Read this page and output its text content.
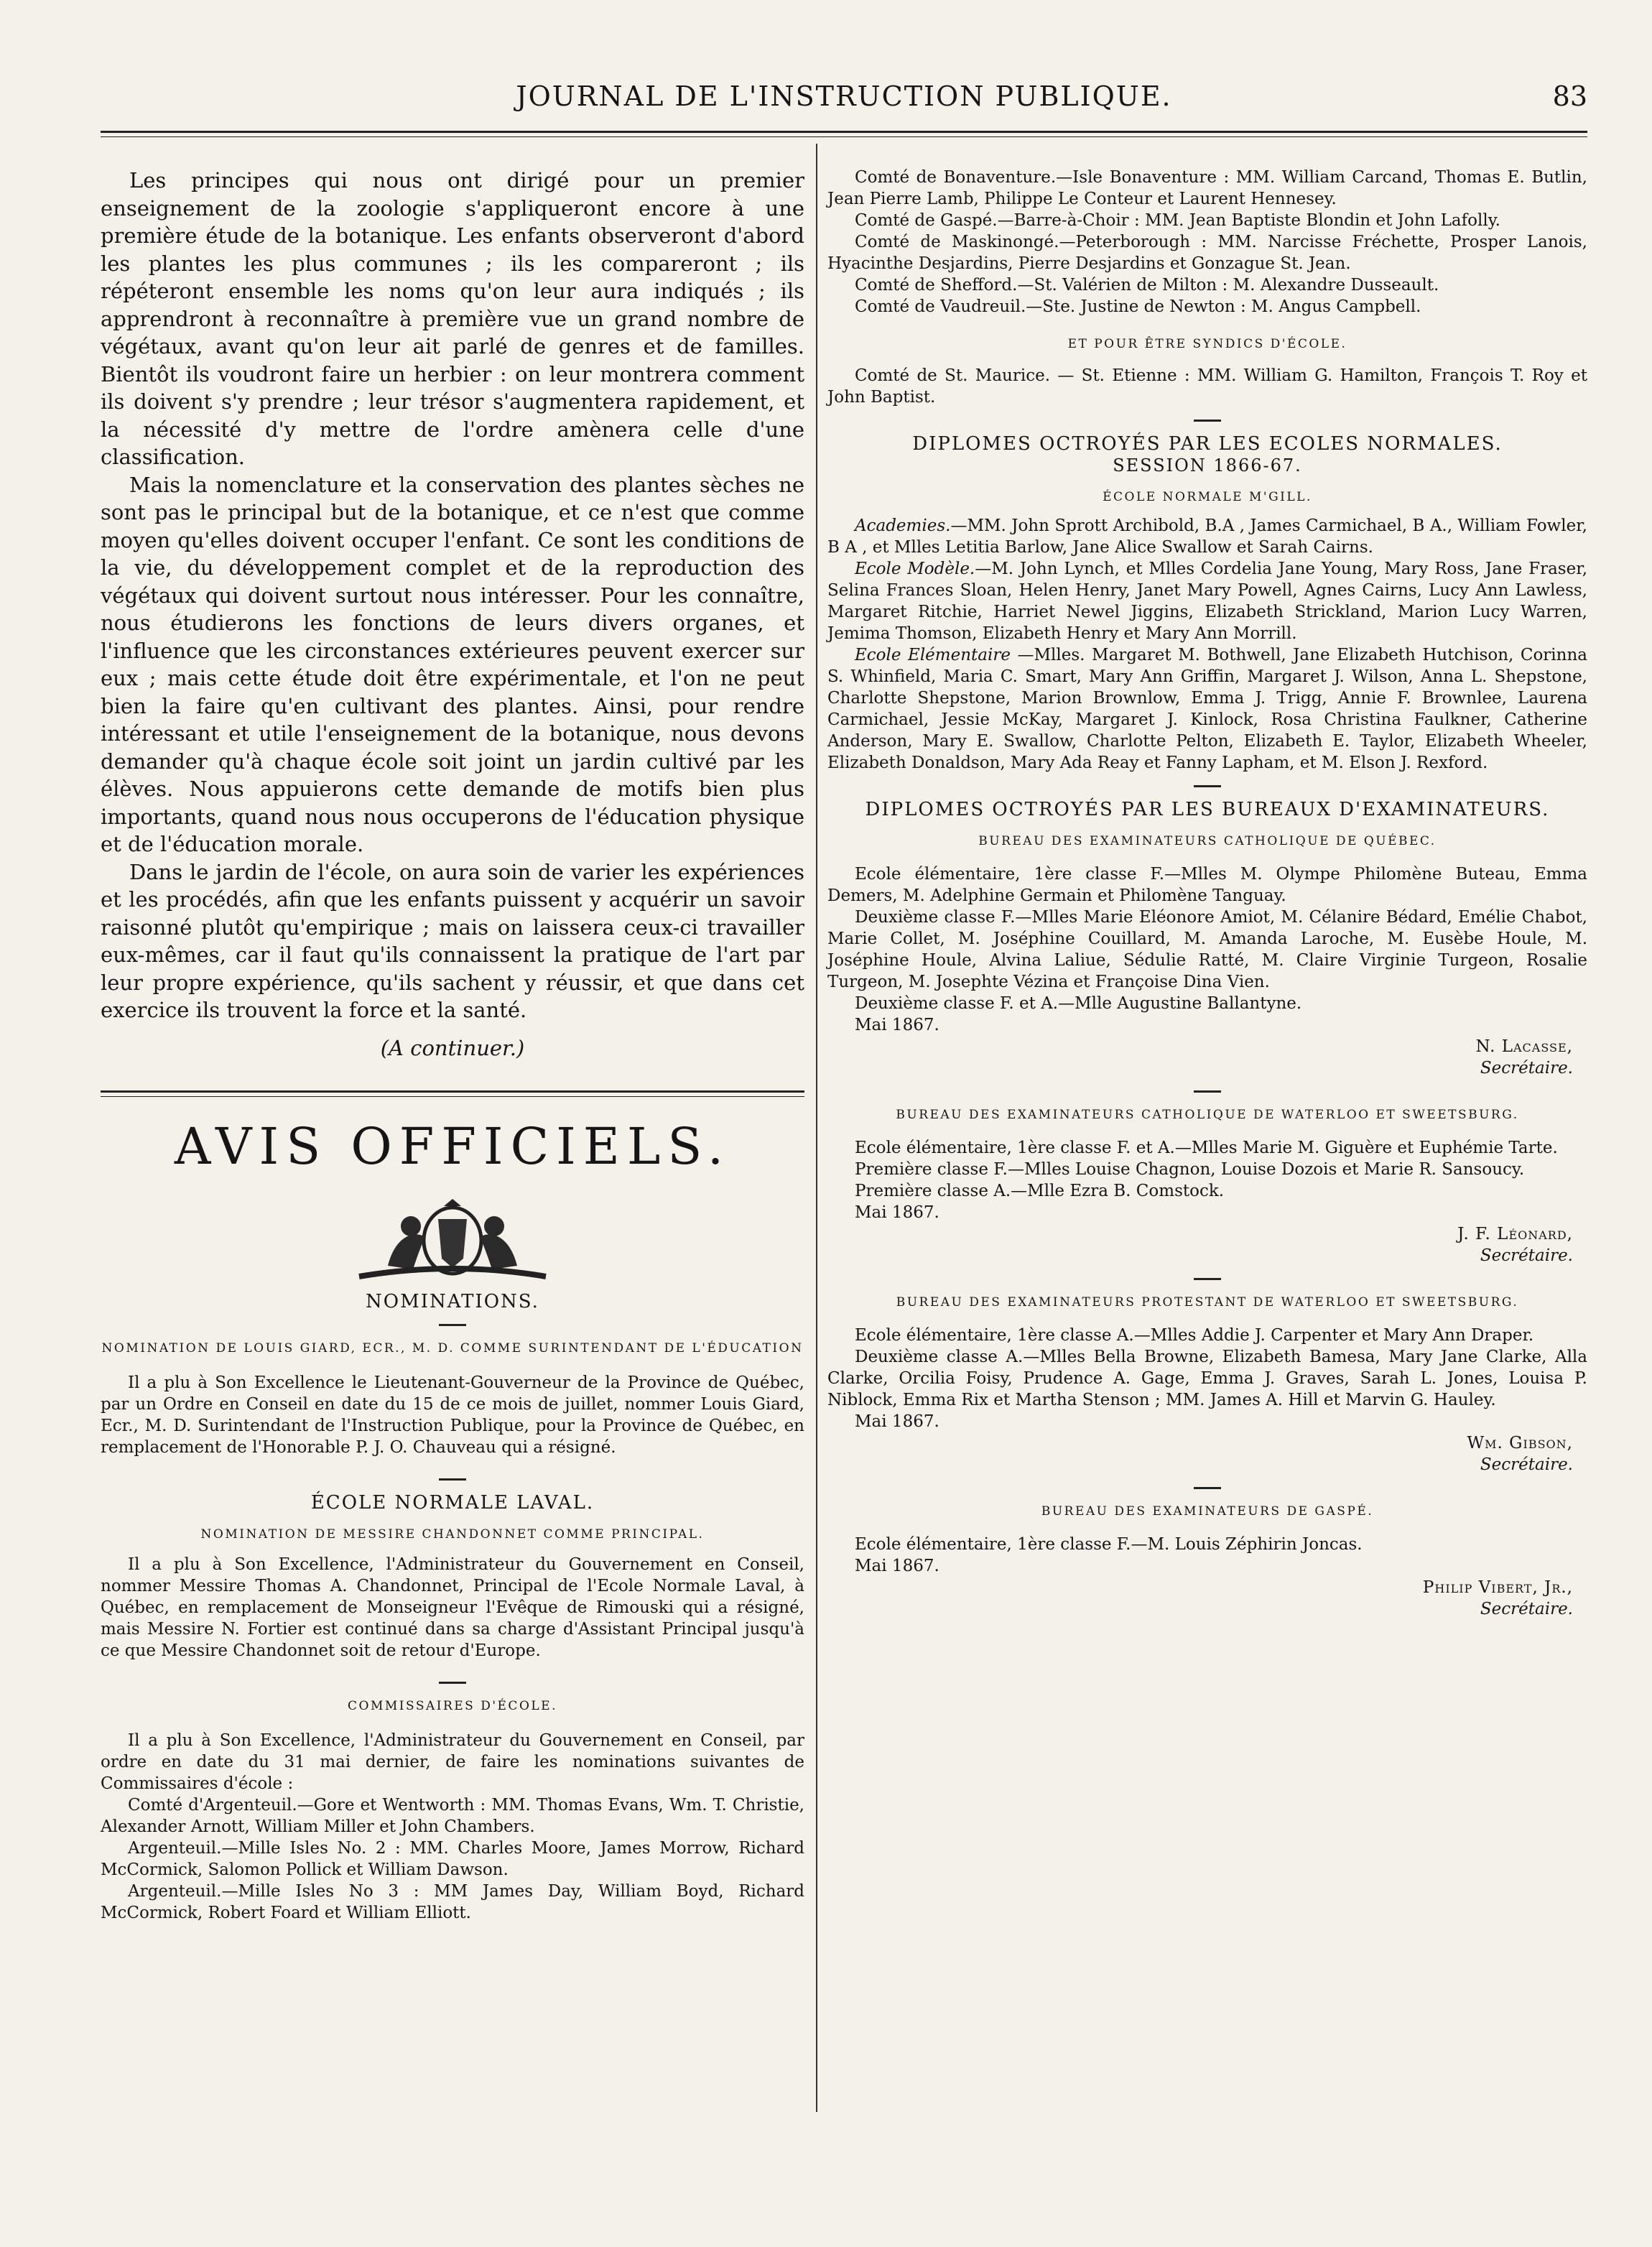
JOURNAL DE L'INSTRUCTION PUBLIQUE.	83

Les principes qui nous ont dirigé pour un premier enseignement de la zoologie s'appliqueront encore à une première étude de la botanique. Les enfants observeront d'abord les plantes les plus communes ; ils les compareront ; ils répéteront ensemble les noms qu'on leur aura indiqués ; ils apprendront à reconnaître à première vue un grand nombre de végétaux, avant qu'on leur ait parlé de genres et de familles. Bientôt ils voudront faire un herbier : on leur montrera comment ils doivent s'y prendre ; leur trésor s'augmentera rapidement, et la nécessité d'y mettre de l'ordre amènera celle d'une classification.

Mais la nomenclature et la conservation des plantes sèches ne sont pas le principal but de la botanique, et ce n'est que comme moyen qu'elles doivent occuper l'enfant. Ce sont les conditions de la vie, du développement complet et de la reproduction des végétaux qui doivent surtout nous intéresser. Pour les connaître, nous étudierons les fonctions de leurs divers organes, et l'influence que les circonstances extérieures peuvent exercer sur eux ; mais cette étude doit être expérimentale, et l'on ne peut bien la faire qu'en cultivant des plantes. Ainsi, pour rendre intéressant et utile l'enseignement de la botanique, nous devons demander qu'à chaque école soit joint un jardin cultivé par les élèves. Nous appuierons cette demande de motifs bien plus importants, quand nous nous occuperons de l'éducation physique et de l'éducation morale.

Dans le jardin de l'école, on aura soin de varier les expériences et les procédés, afin que les enfants puissent y acquérir un savoir raisonné plutôt qu'empirique ; mais on laissera ceux-ci travailler eux-mêmes, car il faut qu'ils connaissent la pratique de l'art par leur propre expérience, qu'ils sachent y réussir, et que dans cet exercice ils trouvent la force et la santé.

(A continuer.)

AVIS OFFICIELS.
NOMINATIONS.
NOMINATION DE LOUIS GIARD, ECR., M. D. COMME SURINTENDANT DE L'ÉDUCATION

Il a plu à Son Excellence le Lieutenant-Gouverneur de la Province de Québec, par un Ordre en Conseil en date du 15 de ce mois de juillet, nommer Louis Giard, Ecr., M. D. Surintendant de l'Instruction Publique, pour la Province de Québec, en remplacement de l'Honorable P. J. O. Chauveau qui a résigné.

ÉCOLE NORMALE LAVAL.
NOMINATION DE MESSIRE CHANDONNET COMME PRINCIPAL.

Il a plu à Son Excellence, l'Administrateur du Gouvernement en Conseil, nommer Messire Thomas A. Chandonnet, Principal de l'Ecole Normale Laval, à Québec, en remplacement de Monseigneur l'Evêque de Rimouski qui a résigné, mais Messire N. Fortier est continué dans sa charge d'Assistant Principal jusqu'à ce que Messire Chandonnet soit de retour d'Europe.

COMMISSAIRES D'ÉCOLE.

Il a plu à Son Excellence, l'Administrateur du Gouvernement en Conseil, par ordre en date du 31 mai dernier, de faire les nominations suivantes de Commissaires d'école :

Comté d'Argenteuil.—Gore et Wentworth : MM. Thomas Evans, Wm. T. Christie, Alexander Arnott, William Miller et John Chambers.

Argenteuil.—Mille Isles No. 2 : MM. Charles Moore, James Morrow, Richard McCormick, Salomon Pollick et William Dawson.

Argenteuil.—Mille Isles No 3 : MM James Day, William Boyd, Richard McCormick, Robert Foard et William Elliott.

Comté de Bonaventure.—Isle Bonaventure : MM. William Carcand, Thomas E. Butlin, Jean Pierre Lamb, Philippe Le Conteur et Laurent Hennesey.

Comté de Gaspé.—Barre-à-Choir : MM. Jean Baptiste Blondin et John Lafolly.

Comté de Maskinongé.—Peterborough : MM. Narcisse Fréchette, Prosper Lanois, Hyacinthe Desjardins, Pierre Desjardins et Gonzague St. Jean.

Comté de Shefford.—St. Valérien de Milton : M. Alexandre Dusseault.

Comté de Vaudreuil.—Ste. Justine de Newton : M. Angus Campbell.

ET POUR ÊTRE SYNDICS D'ÉCOLE.

Comté de St. Maurice. — St. Etienne : MM. William G. Hamilton, François T. Roy et John Baptist.

DIPLOMES OCTROYÉS PAR LES ECOLES NORMALES.
SESSION 1866-67.
ÉCOLE NORMALE M'GILL.

Academies.—MM. John Sprott Archibold, B.A , James Carmichael, B A., William Fowler, B A , et Mlles Letitia Barlow, Jane Alice Swallow et Sarah Cairns.

Ecole Modèle.—M. John Lynch, et Mlles Cordelia Jane Young, Mary Ross, Jane Fraser, Selina Frances Sloan, Helen Henry, Janet Mary Powell, Agnes Cairns, Lucy Ann Lawless, Margaret Ritchie, Harriet Newel Jiggins, Elizabeth Strickland, Marion Lucy Warren, Jemima Thomson, Elizabeth Henry et Mary Ann Morrill.

Ecole Elémentaire —Mlles. Margaret M. Bothwell, Jane Elizabeth Hutchison, Corinna S. Whinfield, Maria C. Smart, Mary Ann Griffin, Margaret J. Wilson, Anna L. Shepstone, Charlotte Shepstone, Marion Brownlow, Emma J. Trigg, Annie F. Brownlee, Laurena Carmichael, Jessie McKay, Margaret J. Kinlock, Rosa Christina Faulkner, Catherine Anderson, Mary E. Swallow, Charlotte Pelton, Elizabeth E. Taylor, Elizabeth Wheeler, Elizabeth Donaldson, Mary Ada Reay et Fanny Lapham, et M. Elson J. Rexford.

DIPLOMES OCTROYÉS PAR LES BUREAUX D'EXAMINATEURS.
BUREAU DES EXAMINATEURS CATHOLIQUE DE QUÉBEC.

Ecole élémentaire, 1ère classe F.—Mlles M. Olympe Philomène Buteau, Emma Demers, M. Adelphine Germain et Philomène Tanguay.

Deuxième classe F.—Mlles Marie Eléonore Amiot, M. Célanire Bédard, Emélie Chabot, Marie Collet, M. Joséphine Couillard, M. Amanda Laroche, M. Eusèbe Houle, M. Joséphine Houle, Alvina Laliue, Sédulie Ratté, M. Claire Virginie Turgeon, Rosalie Turgeon, M. Josephte Vézina et Françoise Dina Vien.

Deuxième classe F. et A.—Mlle Augustine Ballantyne.

Mai 1867.
N. Lacasse,
Secrétaire.
BUREAU DES EXAMINATEURS CATHOLIQUE DE WATERLOO ET SWEETSBURG.

Ecole élémentaire, 1ère classe F. et A.—Mlles Marie M. Giguère et Euphémie Tarte.

Première classe F.—Mlles Louise Chagnon, Louise Dozois et Marie R. Sansoucy.

Première classe A.—Mlle Ezra B. Comstock.

Mai 1867.
J. F. Léonard,
Secrétaire.
BUREAU DES EXAMINATEURS PROTESTANT DE WATERLOO ET SWEETSBURG.

Ecole élémentaire, 1ère classe A.—Mlles Addie J. Carpenter et Mary Ann Draper.

Deuxième classe A.—Mlles Bella Browne, Elizabeth Bamesa, Mary Jane Clarke, Alla Clarke, Orcilia Foisy, Prudence A. Gage, Emma J. Graves, Sarah L. Jones, Louisa P. Niblock, Emma Rix et Martha Stenson ; MM. James A. Hill et Marvin G. Hauley.

Mai 1867.
Wm. Gibson,
Secrétaire.
BUREAU DES EXAMINATEURS DE GASPÉ.

Ecole élémentaire, 1ère classe F.—M. Louis Zéphirin Joncas.

Mai 1867.
Philip Vibert, Jr.,
Secrétaire.
